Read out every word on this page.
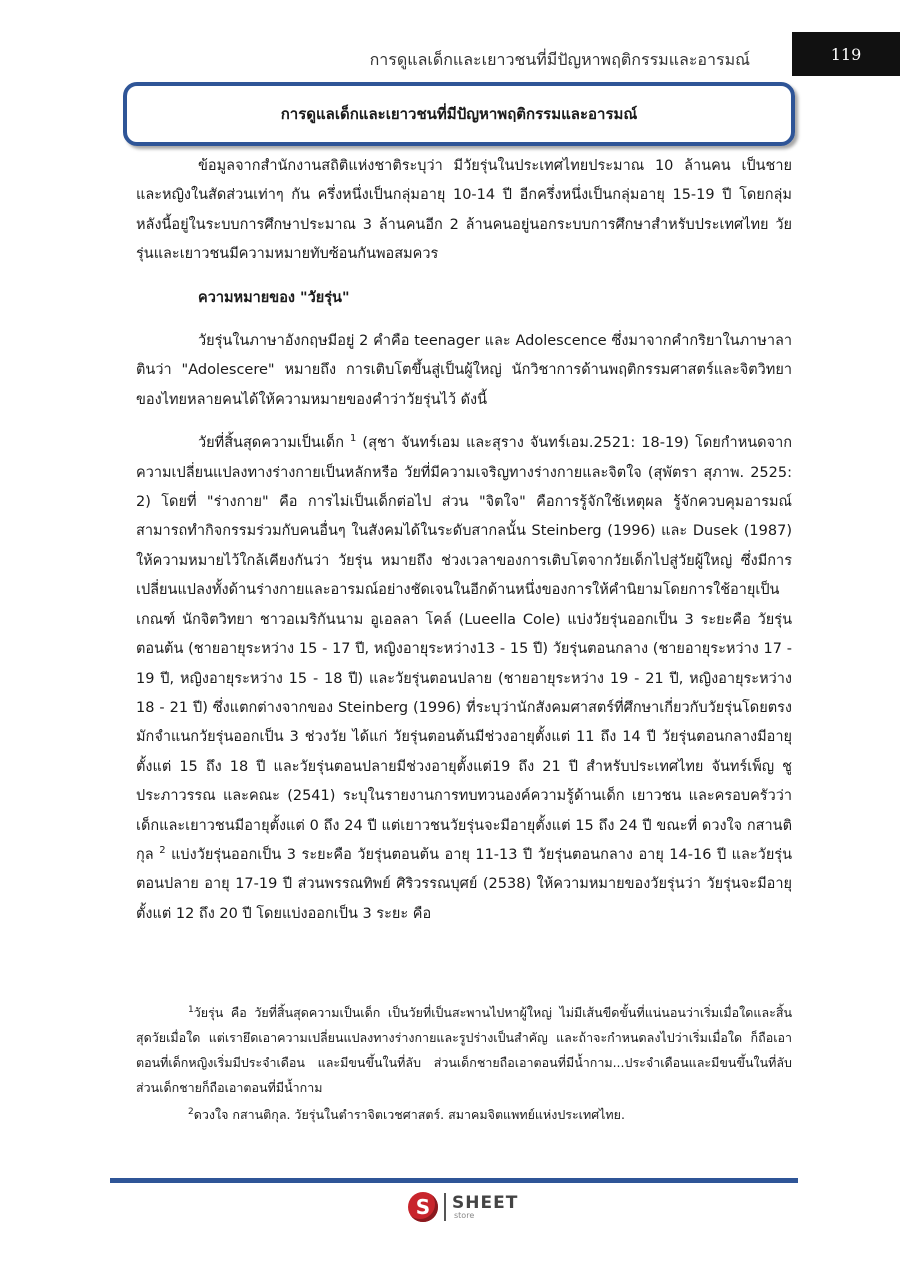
การดูแลเด็กและเยาวชนที่มีปัญหาพฤติกรรมและอารมณ์	119
การดูแลเด็กและเยาวชนที่มีปัญหาพฤติกรรมและอารมณ์

ข้อมูลจากสำนักงานสถิติแห่งชาติระบุว่า มีวัยรุ่นในประเทศไทยประมาณ 10 ล้านคน เป็นชายและหญิงในสัดส่วนเท่าๆ กัน ครึ่งหนึ่งเป็นกลุ่มอายุ 10-14 ปี อีกครึ่งหนึ่งเป็นกลุ่มอายุ 15-19 ปี โดยกลุ่มหลังนี้อยู่ในระบบการศึกษาประมาณ 3 ล้านคนอีก 2 ล้านคนอยู่นอกระบบการศึกษาสำหรับประเทศไทย วัยรุ่นและเยาวชนมีความหมายทับซ้อนกันพอสมควร

ความหมายของ "วัยรุ่น"

วัยรุ่นในภาษาอังกฤษมีอยู่ 2 คำคือ teenager และ Adolescence ซึ่งมาจากคำกริยาในภาษาลาตินว่า "Adolescere" หมายถึง การเติบโตขึ้นสู่เป็นผู้ใหญ่ นักวิชาการด้านพฤติกรรมศาสตร์และจิตวิทยาของไทยหลายคนได้ให้ความหมายของคำว่าวัยรุ่นไว้ ดังนี้

วัยที่สิ้นสุดความเป็นเด็ก $^1$ (สุชา จันทร์เอม และสุราง จันทร์เอม.2521: 18-19) โดยกำหนดจากความเปลี่ยนแปลงทางร่างกายเป็นหลักหรือ วัยที่มีความเจริญทางร่างกายและจิตใจ (สุพัตรา สุภาพ. 2525: 2) โดยที่ "ร่างกาย" คือ การไม่เป็นเด็กต่อไป ส่วน "จิตใจ" คือการรู้จักใช้เหตุผล รู้จักควบคุมอารมณ์ สามารถทำกิจกรรมร่วมกับคนอื่นๆ ในสังคมได้ในระดับสากลนั้น Steinberg (1996) และ Dusek (1987) ให้ความหมายไว้ใกล้เคียงกันว่า วัยรุ่น หมายถึง ช่วงเวลาของการเติบโตจากวัยเด็กไปสู่วัยผู้ใหญ่ ซึ่งมีการเปลี่ยนแปลงทั้งด้านร่างกายและอารมณ์อย่างชัดเจนในอีกด้านหนึ่งของการให้คำนิยามโดยการใช้อายุเป็นเกณฑ์ นักจิตวิทยา ชาวอเมริกันนาม อูเอลลา โคล์ (Lueella Cole) แบ่งวัยรุ่นออกเป็น 3 ระยะคือ วัยรุ่นตอนต้น (ชายอายุระหว่าง 15 - 17 ปี, หญิงอายุระหว่าง13 - 15 ปี) วัยรุ่นตอนกลาง (ชายอายุระหว่าง 17 - 19 ปี, หญิงอายุระหว่าง 15 - 18 ปี) และวัยรุ่นตอนปลาย (ชายอายุระหว่าง 19 - 21 ปี, หญิงอายุระหว่าง 18 - 21 ปี) ซึ่งแตกต่างจากของ Steinberg (1996) ที่ระบุว่านักสังคมศาสตร์ที่ศึกษาเกี่ยวกับวัยรุ่นโดยตรงมักจำแนกวัยรุ่นออกเป็น 3 ช่วงวัย ได้แก่ วัยรุ่นตอนต้นมีช่วงอายุตั้งแต่ 11 ถึง 14 ปี วัยรุ่นตอนกลางมีอายุตั้งแต่ 15 ถึง 18 ปี และวัยรุ่นตอนปลายมีช่วงอายุตั้งแต่19 ถึง 21 ปี สำหรับประเทศไทย จันทร์เพ็ญ ชูประภาวรรณ และคณะ (2541) ระบุในรายงานการทบทวนองค์ความรู้ด้านเด็ก เยาวชน และครอบครัวว่า เด็กและเยาวชนมีอายุตั้งแต่ 0 ถึง 24 ปี แต่เยาวชนวัยรุ่นจะมีอายุตั้งแต่ 15 ถึง 24 ปี ขณะที่ ดวงใจ กสานติกุล $^2$ แบ่งวัยรุ่นออกเป็น 3 ระยะคือ วัยรุ่นตอนต้น อายุ 11-13 ปี วัยรุ่นตอนกลาง อายุ 14-16 ปี และวัยรุ่นตอนปลาย อายุ 17-19 ปี ส่วนพรรณทิพย์ ศิริวรรณบุศย์ (2538) ให้ความหมายของวัยรุ่นว่า วัยรุ่นจะมีอายุตั้งแต่ 12 ถึง 20 ปี โดยแบ่งออกเป็น 3 ระยะ คือ

$^1$วัยรุ่น คือ วัยที่สิ้นสุดความเป็นเด็ก เป็นวัยที่เป็นสะพานไปหาผู้ใหญ่ ไม่มีเส้นขีดขั้นที่แน่นอนว่าเริ่มเมื่อใดและสิ้นสุดวัยเมื่อใด แต่เรายึดเอาความเปลี่ยนแปลงทางร่างกายและรูปร่างเป็นสำคัญ และถ้าจะกำหนดลงไปว่าเริ่มเมื่อใด ก็ถือเอาตอนที่เด็กหญิงเริ่มมีประจำเดือน และมีขนขึ้นในที่ลับ ส่วนเด็กชายถือเอาตอนที่มีน้ำกาม...ประจำเดือนและมีขนขึ้นในที่ลับ ส่วนเด็กชายก็ถือเอาตอนที่มีน้ำกาม

$^2$ดวงใจ กสานติกุล. วัยรุ่นในตำราจิตเวชศาสตร์. สมาคมจิตแพทย์แห่งประเทศไทย.

S SHEET
store
